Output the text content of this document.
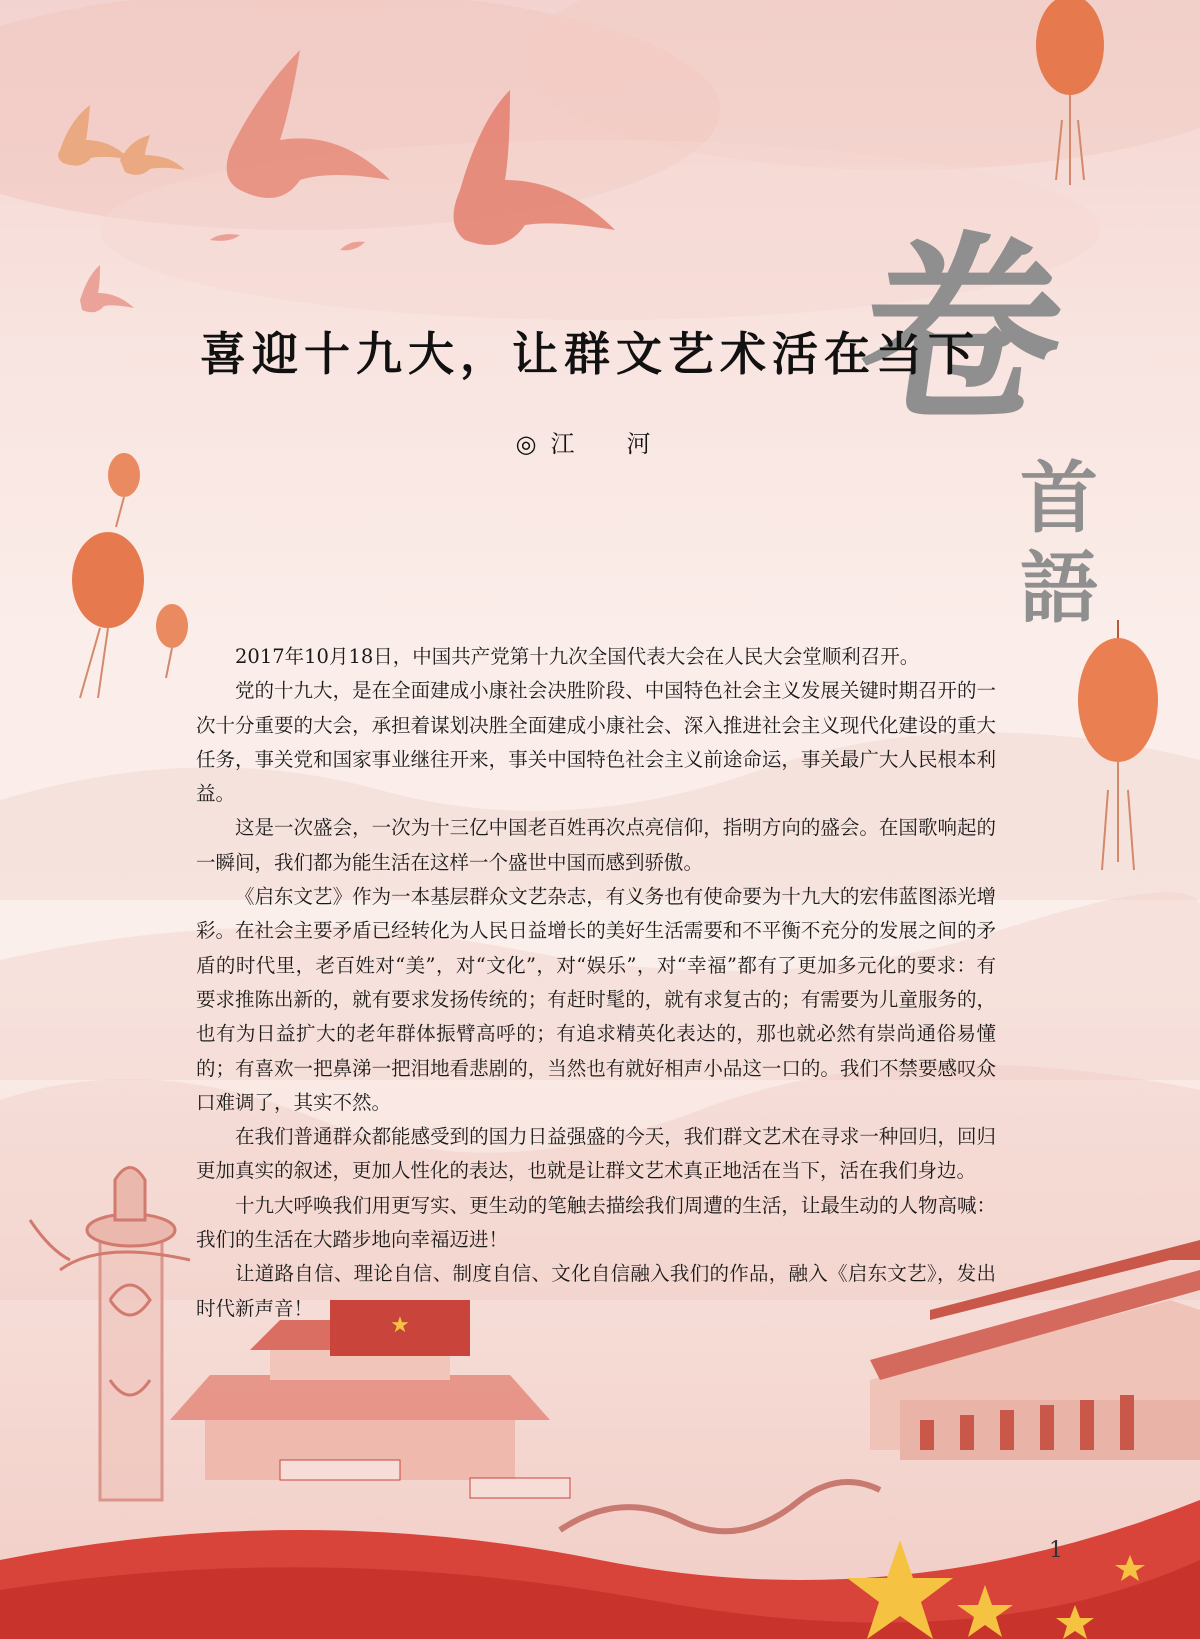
★
卷
首
語
喜迎十九大，让群文艺术活在当下
◎江　河

2017年10月18日，中国共产党第十九次全国代表大会在人民大会堂顺利召开。

党的十九大，是在全面建成小康社会决胜阶段、中国特色社会主义发展关键时期召开的一次十分重要的大会，承担着谋划决胜全面建成小康社会、深入推进社会主义现代化建设的重大任务，事关党和国家事业继往开来，事关中国特色社会主义前途命运，事关最广大人民根本利益。

这是一次盛会，一次为十三亿中国老百姓再次点亮信仰，指明方向的盛会。在国歌响起的一瞬间，我们都为能生活在这样一个盛世中国而感到骄傲。

《启东文艺》作为一本基层群众文艺杂志，有义务也有使命要为十九大的宏伟蓝图添光增彩。在社会主要矛盾已经转化为人民日益增长的美好生活需要和不平衡不充分的发展之间的矛盾的时代里，老百姓对“美”，对“文化”，对“娱乐”，对“幸福”都有了更加多元化的要求：有要求推陈出新的，就有要求发扬传统的；有赶时髦的，就有求复古的；有需要为儿童服务的，也有为日益扩大的老年群体振臂高呼的；有追求精英化表达的，那也就必然有崇尚通俗易懂的；有喜欢一把鼻涕一把泪地看悲剧的，当然也有就好相声小品这一口的。我们不禁要感叹众口难调了，其实不然。

在我们普通群众都能感受到的国力日益强盛的今天，我们群文艺术在寻求一种回归，回归更加真实的叙述，更加人性化的表达，也就是让群文艺术真正地活在当下，活在我们身边。

十九大呼唤我们用更写实、更生动的笔触去描绘我们周遭的生活，让最生动的人物高喊：我们的生活在大踏步地向幸福迈进！

让道路自信、理论自信、制度自信、文化自信融入我们的作品，融入《启东文艺》，发出时代新声音！

1
